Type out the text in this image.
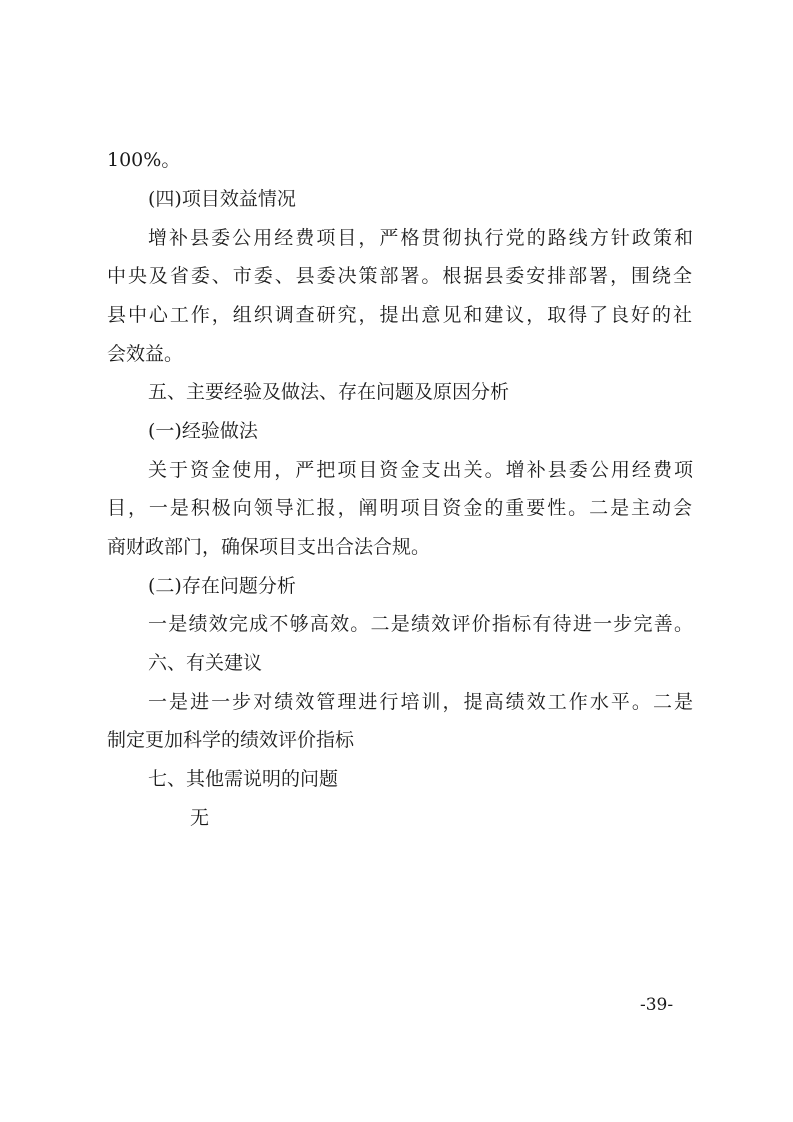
100%。

(四)项目效益情况

增补县委公用经费项目，严格贯彻执行党的路线方针政策和

中央及省委、市委、县委决策部署。根据县委安排部署，围绕全

县中心工作，组织调查研究，提出意见和建议，取得了良好的社

会效益。

五、主要经验及做法、存在问题及原因分析

(一)经验做法

关于资金使用，严把项目资金支出关。增补县委公用经费项

目，一是积极向领导汇报，阐明项目资金的重要性。二是主动会

商财政部门，确保项目支出合法合规。

(二)存在问题分析

一是绩效完成不够高效。二是绩效评价指标有待进一步完善。

六、有关建议

一是进一步对绩效管理进行培训，提高绩效工作水平。二是

制定更加科学的绩效评价指标

七、其他需说明的问题

无

-39-
